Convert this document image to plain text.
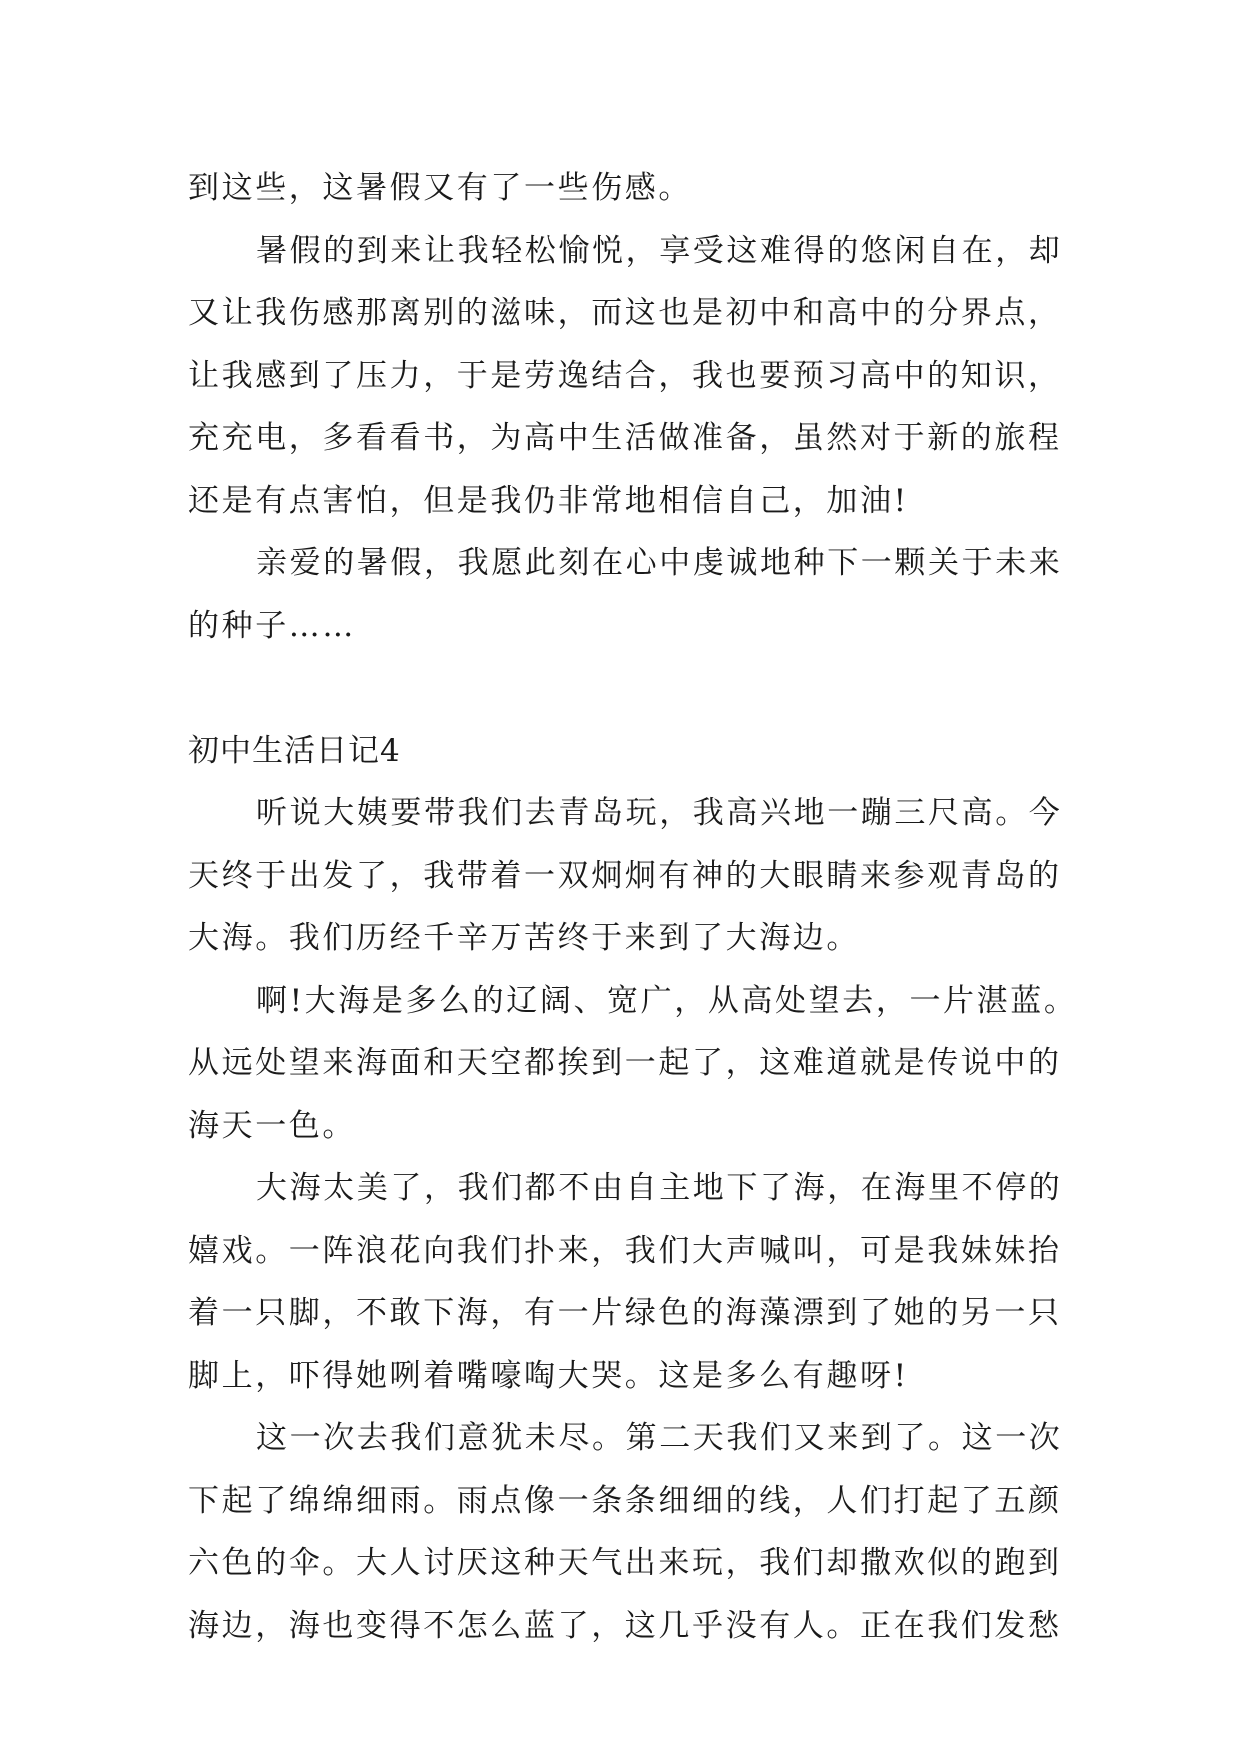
到这些，这暑假又有了一些伤感。
暑假的到来让我轻松愉悦，享受这难得的悠闲自在，却
又让我伤感那离别的滋味，而这也是初中和高中的分界点，
让我感到了压力，于是劳逸结合，我也要预习高中的知识，
充充电，多看看书，为高中生活做准备，虽然对于新的旅程
还是有点害怕，但是我仍非常地相信自己，加油!
亲爱的暑假，我愿此刻在心中虔诚地种下一颗关于未来
的种子……
初中生活日记4
听说大姨要带我们去青岛玩，我高兴地一蹦三尺高。今
天终于出发了，我带着一双炯炯有神的大眼睛来参观青岛的
大海。我们历经千辛万苦终于来到了大海边。
啊!大海是多么的辽阔、宽广，从高处望去，一片湛蓝。
从远处望来海面和天空都挨到一起了，这难道就是传说中的
海天一色。
大海太美了，我们都不由自主地下了海，在海里不停的
嬉戏。一阵浪花向我们扑来，我们大声喊叫，可是我妹妹抬
着一只脚，不敢下海，有一片绿色的海藻漂到了她的另一只
脚上，吓得她咧着嘴嚎啕大哭。这是多么有趣呀!
这一次去我们意犹未尽。第二天我们又来到了。这一次
下起了绵绵细雨。雨点像一条条细细的线，人们打起了五颜
六色的伞。大人讨厌这种天气出来玩，我们却撒欢似的跑到
海边，海也变得不怎么蓝了，这几乎没有人。正在我们发愁
